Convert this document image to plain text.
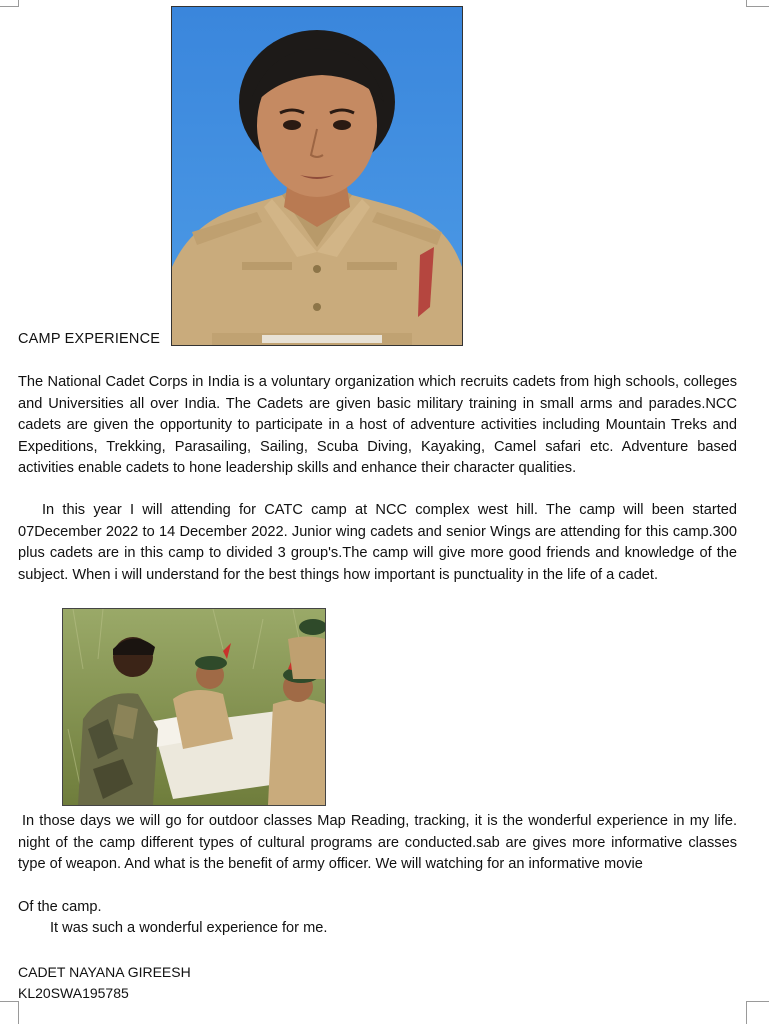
CAMP EXPERIENCE

The National Cadet Corps in India is a voluntary organization which recruits cadets from high schools, colleges and Universities all over India. The Cadets are given basic military training in small arms and parades.NCC cadets are given the opportunity to participate in a host of adventure activities including Mountain Treks and Expeditions, Trekking, Parasailing, Sailing, Scuba Diving, Kayaking, Camel safari etc. Adventure based activities enable cadets to hone leadership skills and enhance their character qualities.

In this year I will attending for CATC camp at NCC complex west hill. The camp will been started 07December 2022 to 14 December 2022. Junior wing cadets and senior Wings are attending for this camp.300 plus cadets are in this camp to divided 3 group's.The camp will give more good friends and knowledge of the subject. When i will understand for the best things how important is punctuality in the life of a cadet.

In those days we will go for outdoor classes Map Reading, tracking, it is the wonderful experience in my life. night of the camp different types of cultural programs are conducted.sab are gives more informative classes type of weapon. And what is the benefit of army officer. We will watching for an informative movie

Of the camp.
It was such a wonderful experience for me.
CADET NAYANA GIREESH
KL20SWA195785
